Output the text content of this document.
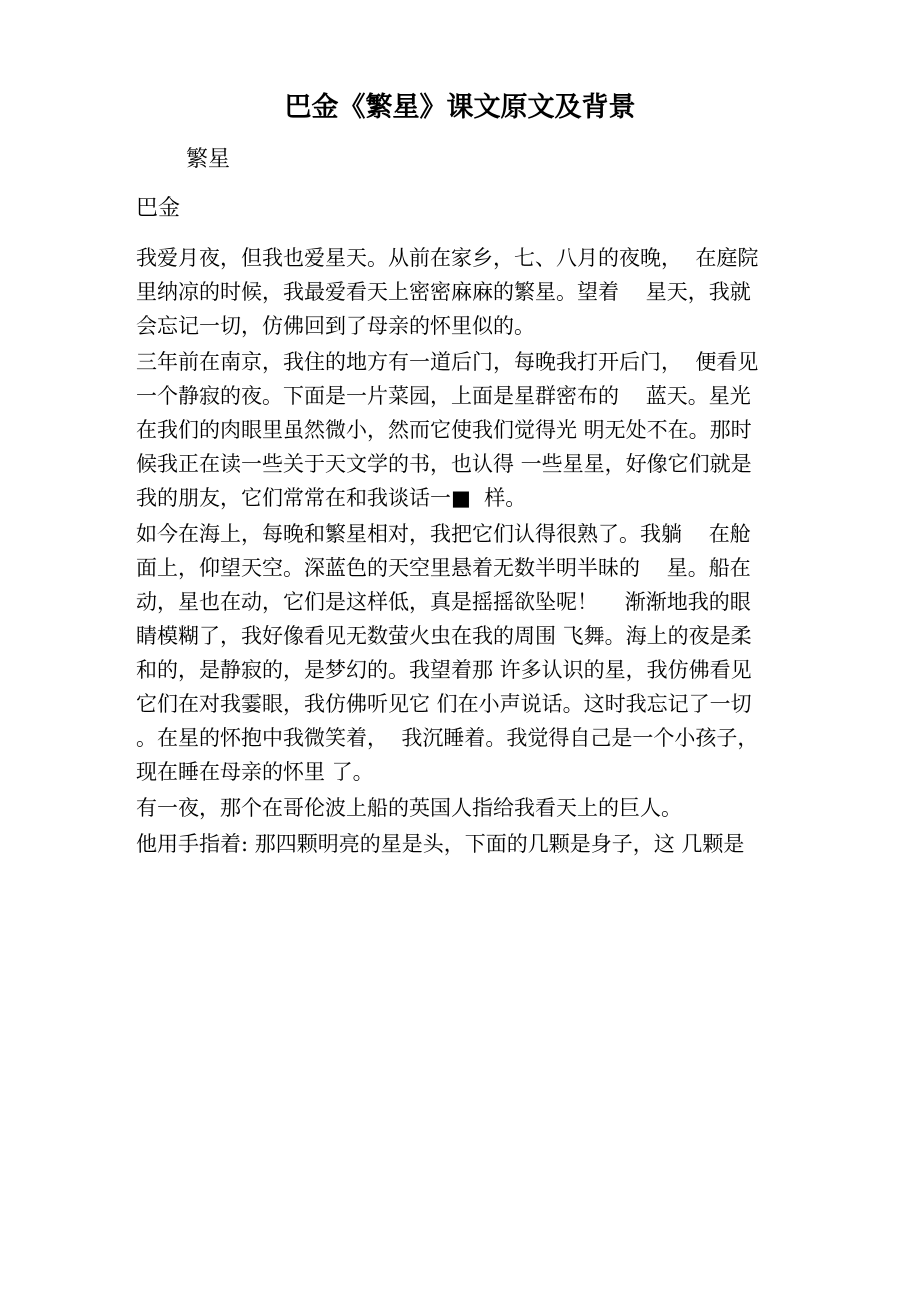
巴金《繁星》课文原文及背景
繁星
巴金
我爱月夜，但我也爱星天。从前在家乡，七、八月的夜晚，  在庭院
里纳凉的时候，我最爱看天上密密麻麻的繁星。望着    星天，我就
会忘记一切，仿佛回到了母亲的怀里似的。
三年前在南京，我住的地方有一道后门，每晚我打开后门，  便看见
一个静寂的夜。下面是一片菜园，上面是星群密布的    蓝天。星光
在我们的肉眼里虽然微小，然而它使我们觉得光 明无处不在。那时
候我正在读一些关于天文学的书，也认得 一些星星，好像它们就是
我的朋友，它们常常在和我谈话一■  样。
如今在海上，每晚和繁星相对，我把它们认得很熟了。我躺    在舱
面上，仰望天空。深蓝色的天空里悬着无数半明半昧的    星。船在
动，星也在动，它们是这样低，真是摇摇欲坠呢！    渐渐地我的眼
睛模糊了，我好像看见无数萤火虫在我的周围 飞舞。海上的夜是柔
和的，是静寂的，是梦幻的。我望着那 许多认识的星，我仿佛看见
它们在对我霎眼，我仿佛听见它 们在小声说话。这时我忘记了一切
。在星的怀抱中我微笑着，  我沉睡着。我觉得自己是一个小孩子，
现在睡在母亲的怀里 了。
有一夜，那个在哥伦波上船的英国人指给我看天上的巨人。
他用手指着: 那四颗明亮的星是头，下面的几颗是身子，这 几颗是
